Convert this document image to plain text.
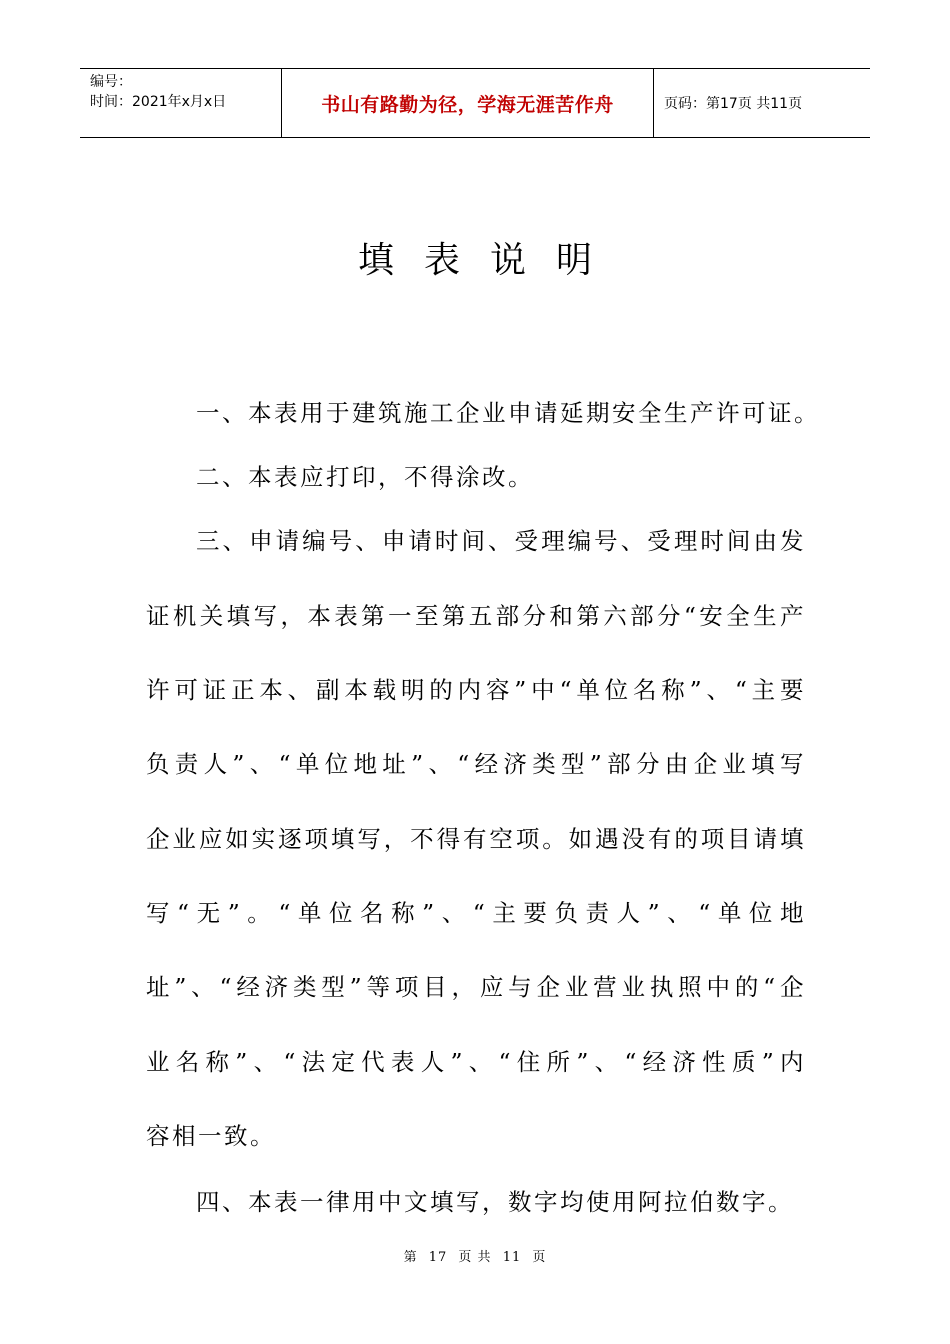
编号：
时间：2021年x月x日	书山有路勤为径，学海无涯苦作舟	页码：第17页 共11页
填表说明
一、本表用于建筑施工企业申请延期安全生产许可证。
二、本表应打印，不得涂改。
三、申请编号、申请时间、受理编号、受理时间由发
证机关填写，本表第一至第五部分和第六部分“安全生产
许可证正本、副本载明的内容”中“单位名称”、“主要
负责人”、“单位地址”、“经济类型”部分由企业填写
企业应如实逐项填写，不得有空项。如遇没有的项目请填
写“无”。“单位名称”、“主要负责人”、“单位地
址”、“经济类型”等项目，应与企业营业执照中的“企
业名称”、“法定代表人”、“住所”、“经济性质”内
容相一致。
四、本表一律用中文填写，数字均使用阿拉伯数字。
第 17 页 共 11 页
